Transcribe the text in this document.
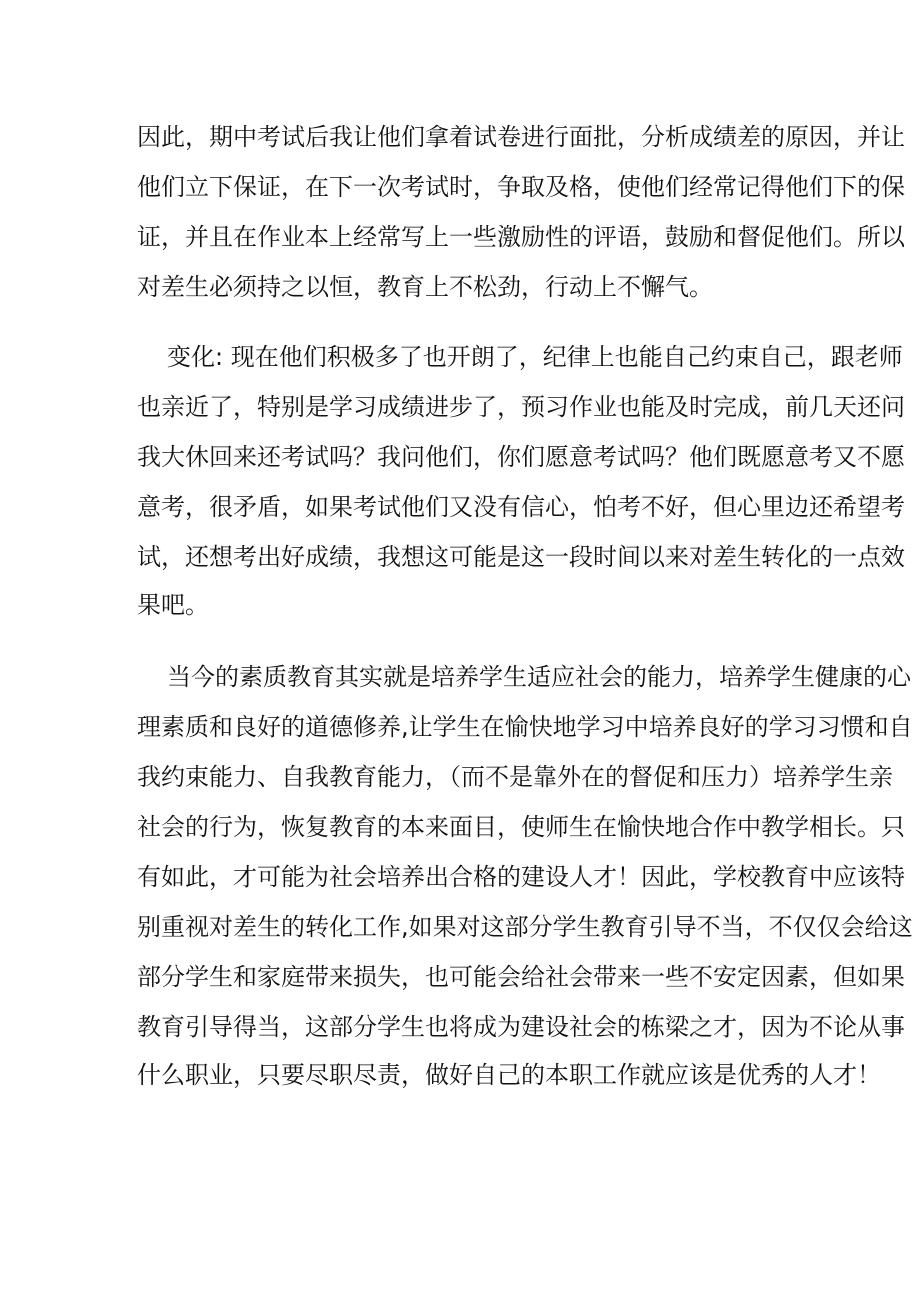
因此，期中考试后我让他们拿着试卷进行面批，分析成绩差的原因，并让
他们立下保证，在下一次考试时，争取及格，使他们经常记得他们下的保
证，并且在作业本上经常写上一些激励性的评语，鼓励和督促他们。所以
对差生必须持之以恒，教育上不松劲，行动上不懈气。
变化: 现在他们积极多了也开朗了，纪律上也能自己约束自己，跟老师
也亲近了，特别是学习成绩进步了，预习作业也能及时完成，前几天还问
我大休回来还考试吗？我问他们，你们愿意考试吗？他们既愿意考又不愿
意考，很矛盾，如果考试他们又没有信心，怕考不好，但心里边还希望考
试，还想考出好成绩，我想这可能是这一段时间以来对差生转化的一点效
果吧。
当今的素质教育其实就是培养学生适应社会的能力，培养学生健康的心
理素质和良好的道德修养,让学生在愉快地学习中培养良好的学习习惯和自
我约束能力、自我教育能力，（而不是靠外在的督促和压力）培养学生亲
社会的行为，恢复教育的本来面目，使师生在愉快地合作中教学相长。只
有如此，才可能为社会培养出合格的建设人才！因此，学校教育中应该特
别重视对差生的转化工作,如果对这部分学生教育引导不当，不仅仅会给这
部分学生和家庭带来损失，也可能会给社会带来一些不安定因素，但如果
教育引导得当，这部分学生也将成为建设社会的栋梁之才，因为不论从事
什么职业，只要尽职尽责，做好自己的本职工作就应该是优秀的人才！
